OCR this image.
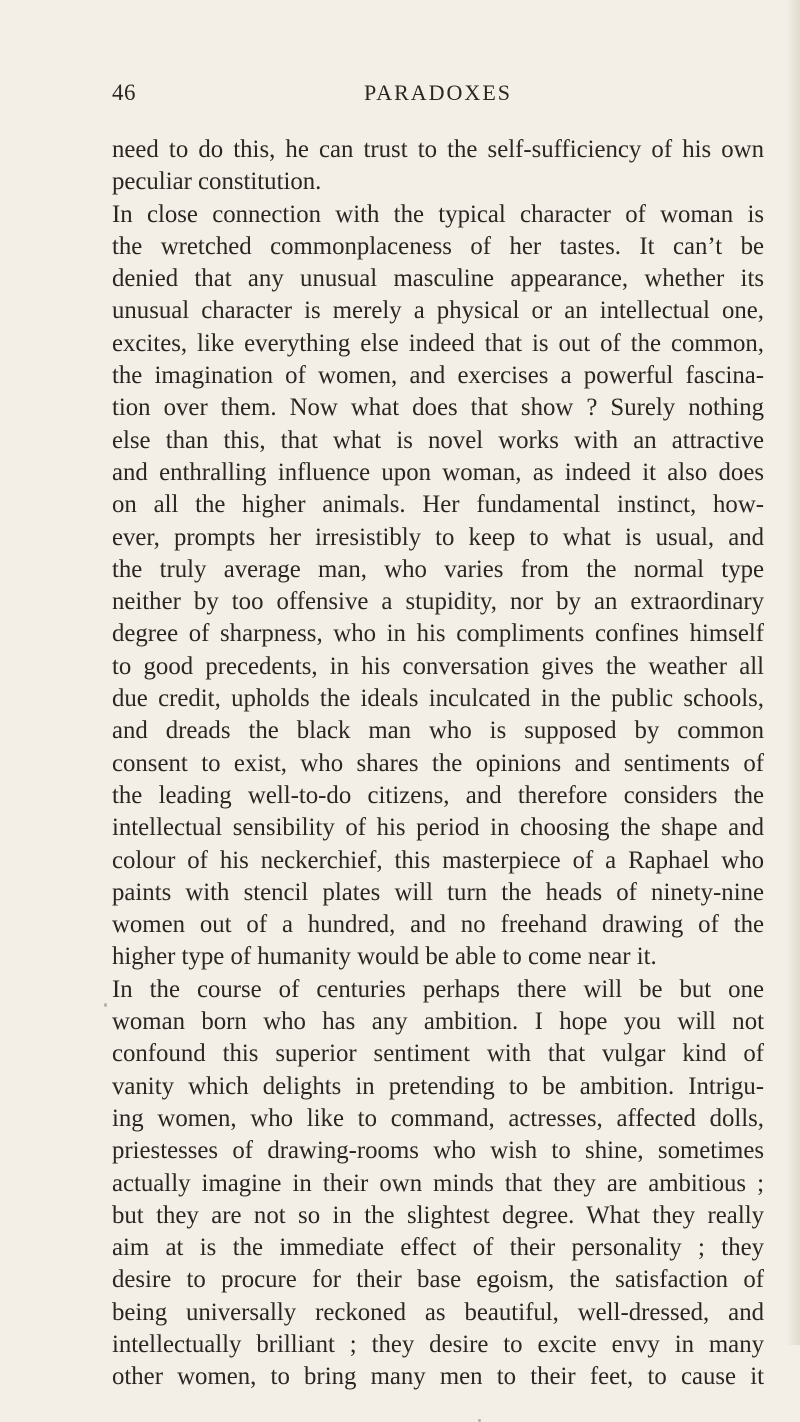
46	PARADOXES
need to do this, he can trust to the self-sufficiency of his own
peculiar constitution.
In close connection with the typical character of woman is
the wretched commonplaceness of her tastes. It can’t be
denied that any unusual masculine appearance, whether its
unusual character is merely a physical or an intellectual one,
excites, like everything else indeed that is out of the common,
the imagination of women, and exercises a powerful fascina-
tion over them. Now what does that show ? Surely nothing
else than this, that what is novel works with an attractive
and enthralling influence upon woman, as indeed it also does
on all the higher animals. Her fundamental instinct, how-
ever, prompts her irresistibly to keep to what is usual, and
the truly average man, who varies from the normal type
neither by too offensive a stupidity, nor by an extraordinary
degree of sharpness, who in his compliments confines himself
to good precedents, in his conversation gives the weather all
due credit, upholds the ideals inculcated in the public schools,
and dreads the black man who is supposed by common
consent to exist, who shares the opinions and sentiments of
the leading well-to-do citizens, and therefore considers the
intellectual sensibility of his period in choosing the shape and
colour of his neckerchief, this masterpiece of a Raphael who
paints with stencil plates will turn the heads of ninety-nine
women out of a hundred, and no freehand drawing of the
higher type of humanity would be able to come near it.
In the course of centuries perhaps there will be but one
woman born who has any ambition. I hope you will not
confound this superior sentiment with that vulgar kind of
vanity which delights in pretending to be ambition. Intrigu-
ing women, who like to command, actresses, affected dolls,
priestesses of drawing-rooms who wish to shine, sometimes
actually imagine in their own minds that they are ambitious ;
but they are not so in the slightest degree. What they really
aim at is the immediate effect of their personality ; they
desire to procure for their base egoism, the satisfaction of
being universally reckoned as beautiful, well-dressed, and
intellectually brilliant ; they desire to excite envy in many
other women, to bring many men to their feet, to cause it
